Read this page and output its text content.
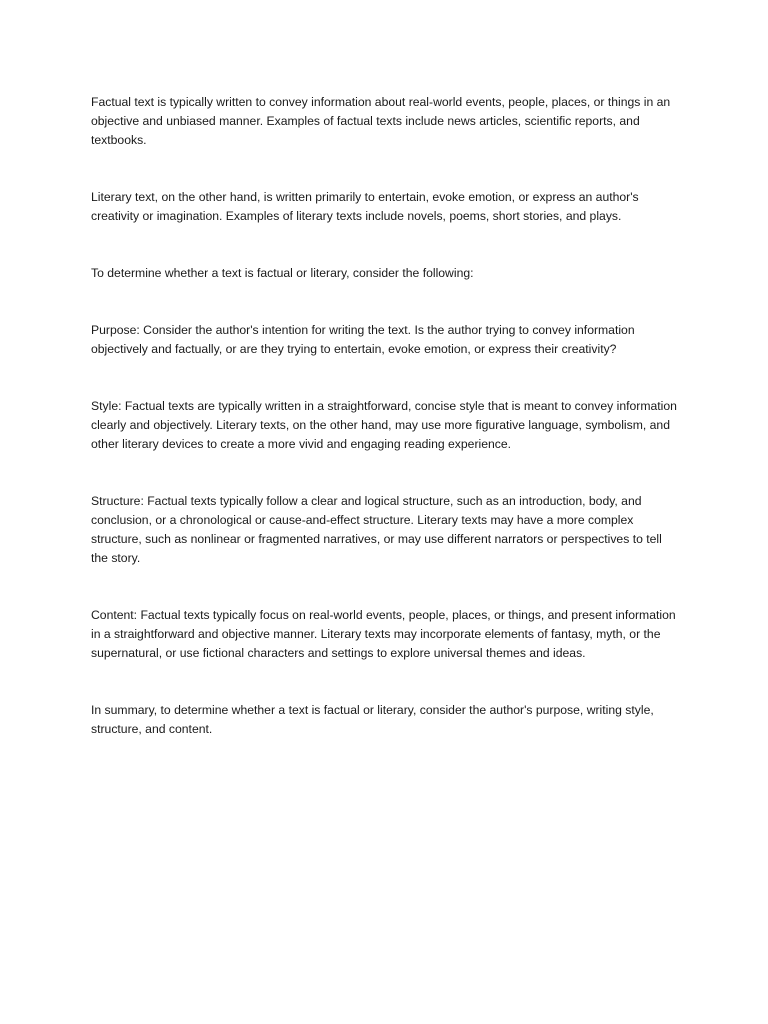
Factual text is typically written to convey information about real-world events, people, places, or things in an objective and unbiased manner. Examples of factual texts include news articles, scientific reports, and textbooks.

Literary text, on the other hand, is written primarily to entertain, evoke emotion, or express an author's creativity or imagination. Examples of literary texts include novels, poems, short stories, and plays.

To determine whether a text is factual or literary, consider the following:

Purpose: Consider the author's intention for writing the text. Is the author trying to convey information objectively and factually, or are they trying to entertain, evoke emotion, or express their creativity?

Style: Factual texts are typically written in a straightforward, concise style that is meant to convey information clearly and objectively. Literary texts, on the other hand, may use more figurative language, symbolism, and other literary devices to create a more vivid and engaging reading experience.

Structure: Factual texts typically follow a clear and logical structure, such as an introduction, body, and conclusion, or a chronological or cause-and-effect structure. Literary texts may have a more complex structure, such as nonlinear or fragmented narratives, or may use different narrators or perspectives to tell the story.

Content: Factual texts typically focus on real-world events, people, places, or things, and present information in a straightforward and objective manner. Literary texts may incorporate elements of fantasy, myth, or the supernatural, or use fictional characters and settings to explore universal themes and ideas.

In summary, to determine whether a text is factual or literary, consider the author's purpose, writing style, structure, and content.
